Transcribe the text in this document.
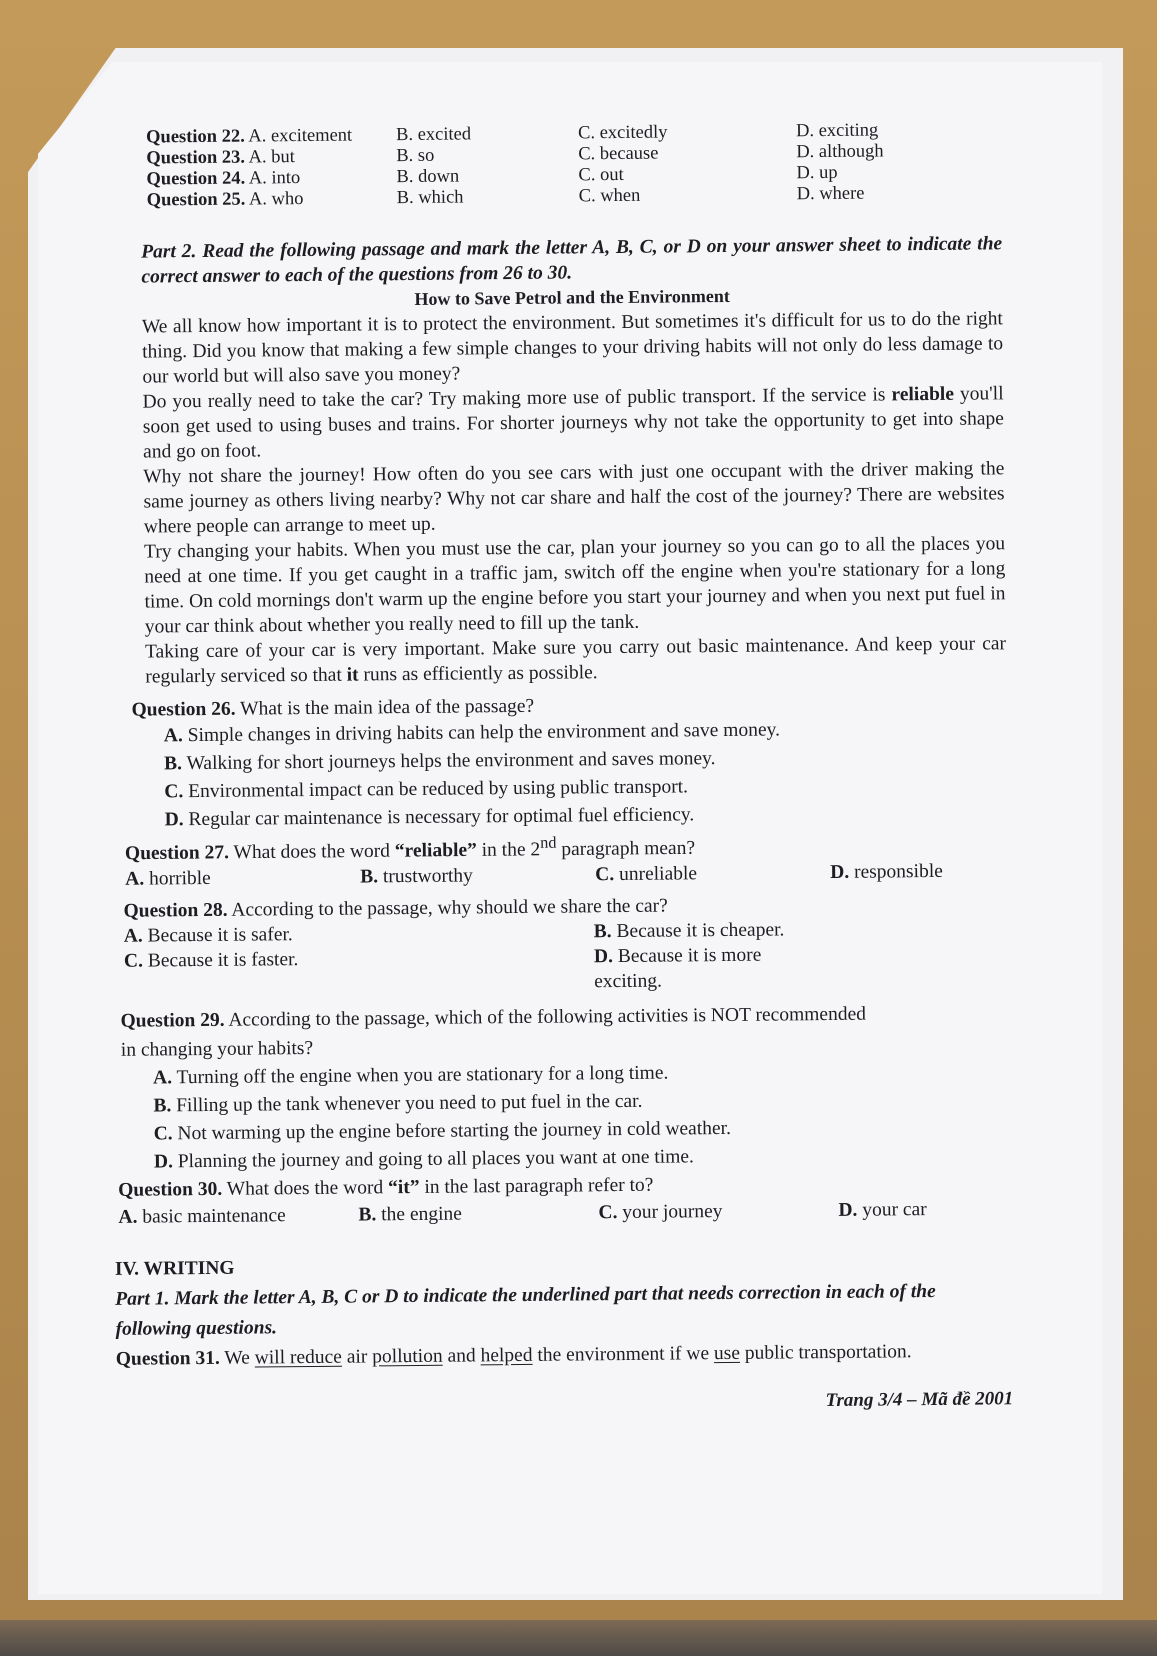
Question 22. A. excitement	B. excited	C. excitedly	D. exciting
Question 23. A. but	B. so	C. because	D. although
Question 24. A. into	B. down	C. out	D. up
Question 25. A. who	B. which	C. when	D. where

Part 2. Read the following passage and mark the letter A, B, C, or D on your answer sheet to indicate the correct answer to each of the questions from 26 to 30.

How to Save Petrol and the Environment

We all know how important it is to protect the environment. But sometimes it's difficult for us to do the right thing. Did you know that making a few simple changes to your driving habits will not only do less damage to our world but will also save you money?

Do you really need to take the car? Try making more use of public transport. If the service is reliable you'll soon get used to using buses and trains. For shorter journeys why not take the opportunity to get into shape and go on foot.

Why not share the journey! How often do you see cars with just one occupant with the driver making the same journey as others living nearby? Why not car share and half the cost of the journey? There are websites where people can arrange to meet up.

Try changing your habits. When you must use the car, plan your journey so you can go to all the places you need at one time. If you get caught in a traffic jam, switch off the engine when you're stationary for a long time. On cold mornings don't warm up the engine before you start your journey and when you next put fuel in your car think about whether you really need to fill up the tank.

Taking care of your car is very important. Make sure you carry out basic maintenance. And keep your car regularly serviced so that it runs as efficiently as possible.

Question 26. What is the main idea of the passage?

A. Simple changes in driving habits can help the environment and save money.

B. Walking for short journeys helps the environment and saves money.

C. Environmental impact can be reduced by using public transport.

D. Regular car maintenance is necessary for optimal fuel efficiency.

Question 27. What does the word “reliable” in the 2nd paragraph mean?

A. horrible	B. trustworthy	C. unreliable	D. responsible

Question 28. According to the passage, why should we share the car?

A. Because it is safer.	B. Because it is cheaper.
C. Because it is faster.	D. Because it is more exciting.

Question 29. According to the passage, which of the following activities is NOT recommended in changing your habits?

A. Turning off the engine when you are stationary for a long time.

B. Filling up the tank whenever you need to put fuel in the car.

C. Not warming up the engine before starting the journey in cold weather.

D. Planning the journey and going to all places you want at one time.

Question 30. What does the word “it” in the last paragraph refer to?

A. basic maintenance	B. the engine	C. your journey	D. your car

IV. WRITING

Part 1. Mark the letter A, B, C or D to indicate the underlined part that needs correction in each of the following questions.

Question 31. We will reduce air pollution and helped the environment if we use public transportation.

Trang 3/4 – Mã đề 2001
